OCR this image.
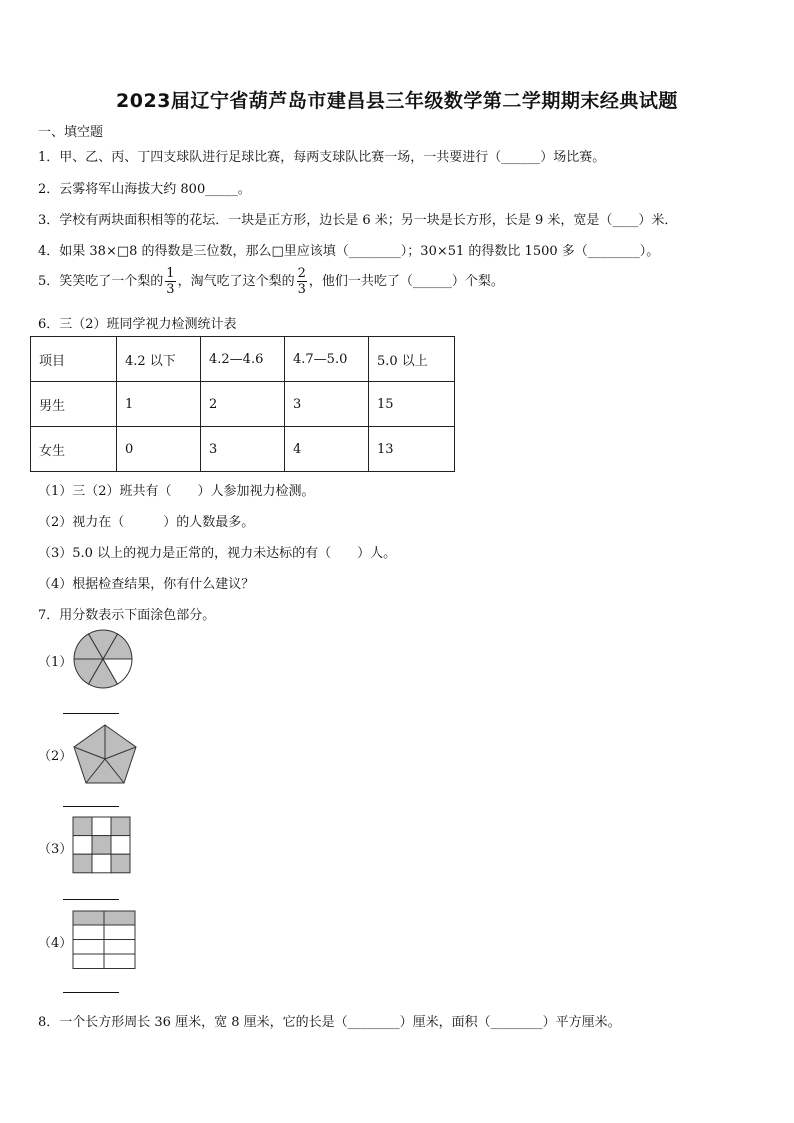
2023届辽宁省葫芦岛市建昌县三年级数学第二学期期末经典试题
一、填空题
1．甲、乙、丙、丁四支球队进行足球比赛，每两支球队比赛一场，一共要进行（______）场比赛。
2．云雾将军山海拔大约 800_____。
3．学校有两块面积相等的花坛．一块是正方形，边长是 6 米；另一块是长方形，长是 9 米，宽是（____）米．
4．如果 38×□8 的得数是三位数，那么□里应该填（________）；30×51 的得数比 1500 多（________）。
5．笑笑吃了一个梨的 $\frac{1}{3}$ ，淘气吃了这个梨的 $\frac{2}{3}$ ，他们一共吃了（______）个梨。
6．三（2）班同学视力检测统计表
项目	4.2 以下	4.2—4.6	4.7—5.0	5.0 以上
男生	1	2	3	15
女生	0	3	4	13
（1）三（2）班共有（　　）人参加视力检测。
（2）视力在（　　　）的人数最多。
（3）5.0 以上的视力是正常的，视力未达标的有（　　）人。
（4）根据检查结果，你有什么建议？
7．用分数表示下面涂色部分。
（1）
（2）
（3）
（4）
8．一个长方形周长 36 厘米，宽 8 厘米，它的长是（________）厘米，面积（________）平方厘米。
